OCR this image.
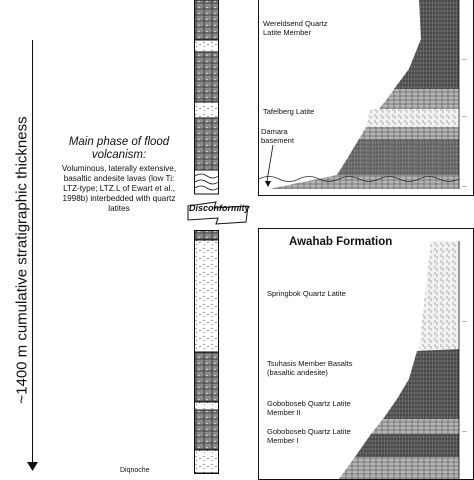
~1400 m cumulative stratigraphic thickness	Main phase of flood volcanism:
Voluminous, laterally extensive, basaltic andesite lavas (low Ti: LTZ-type; LTZ.L of Ewart et al., 1998b) interbedded with quartz latites	Disconformity
—
—
—
Wereldsend Quartz Latite Member
Tafelberg Latite
Damara basement
Awahab Formation
—
—
Springbok Quartz Latite
Tsuhasis Member Basalts (basaltic andesite)
Goboboseb Quartz Latite Member II
Goboboseb Quartz Latite Member I
Diqnoche
